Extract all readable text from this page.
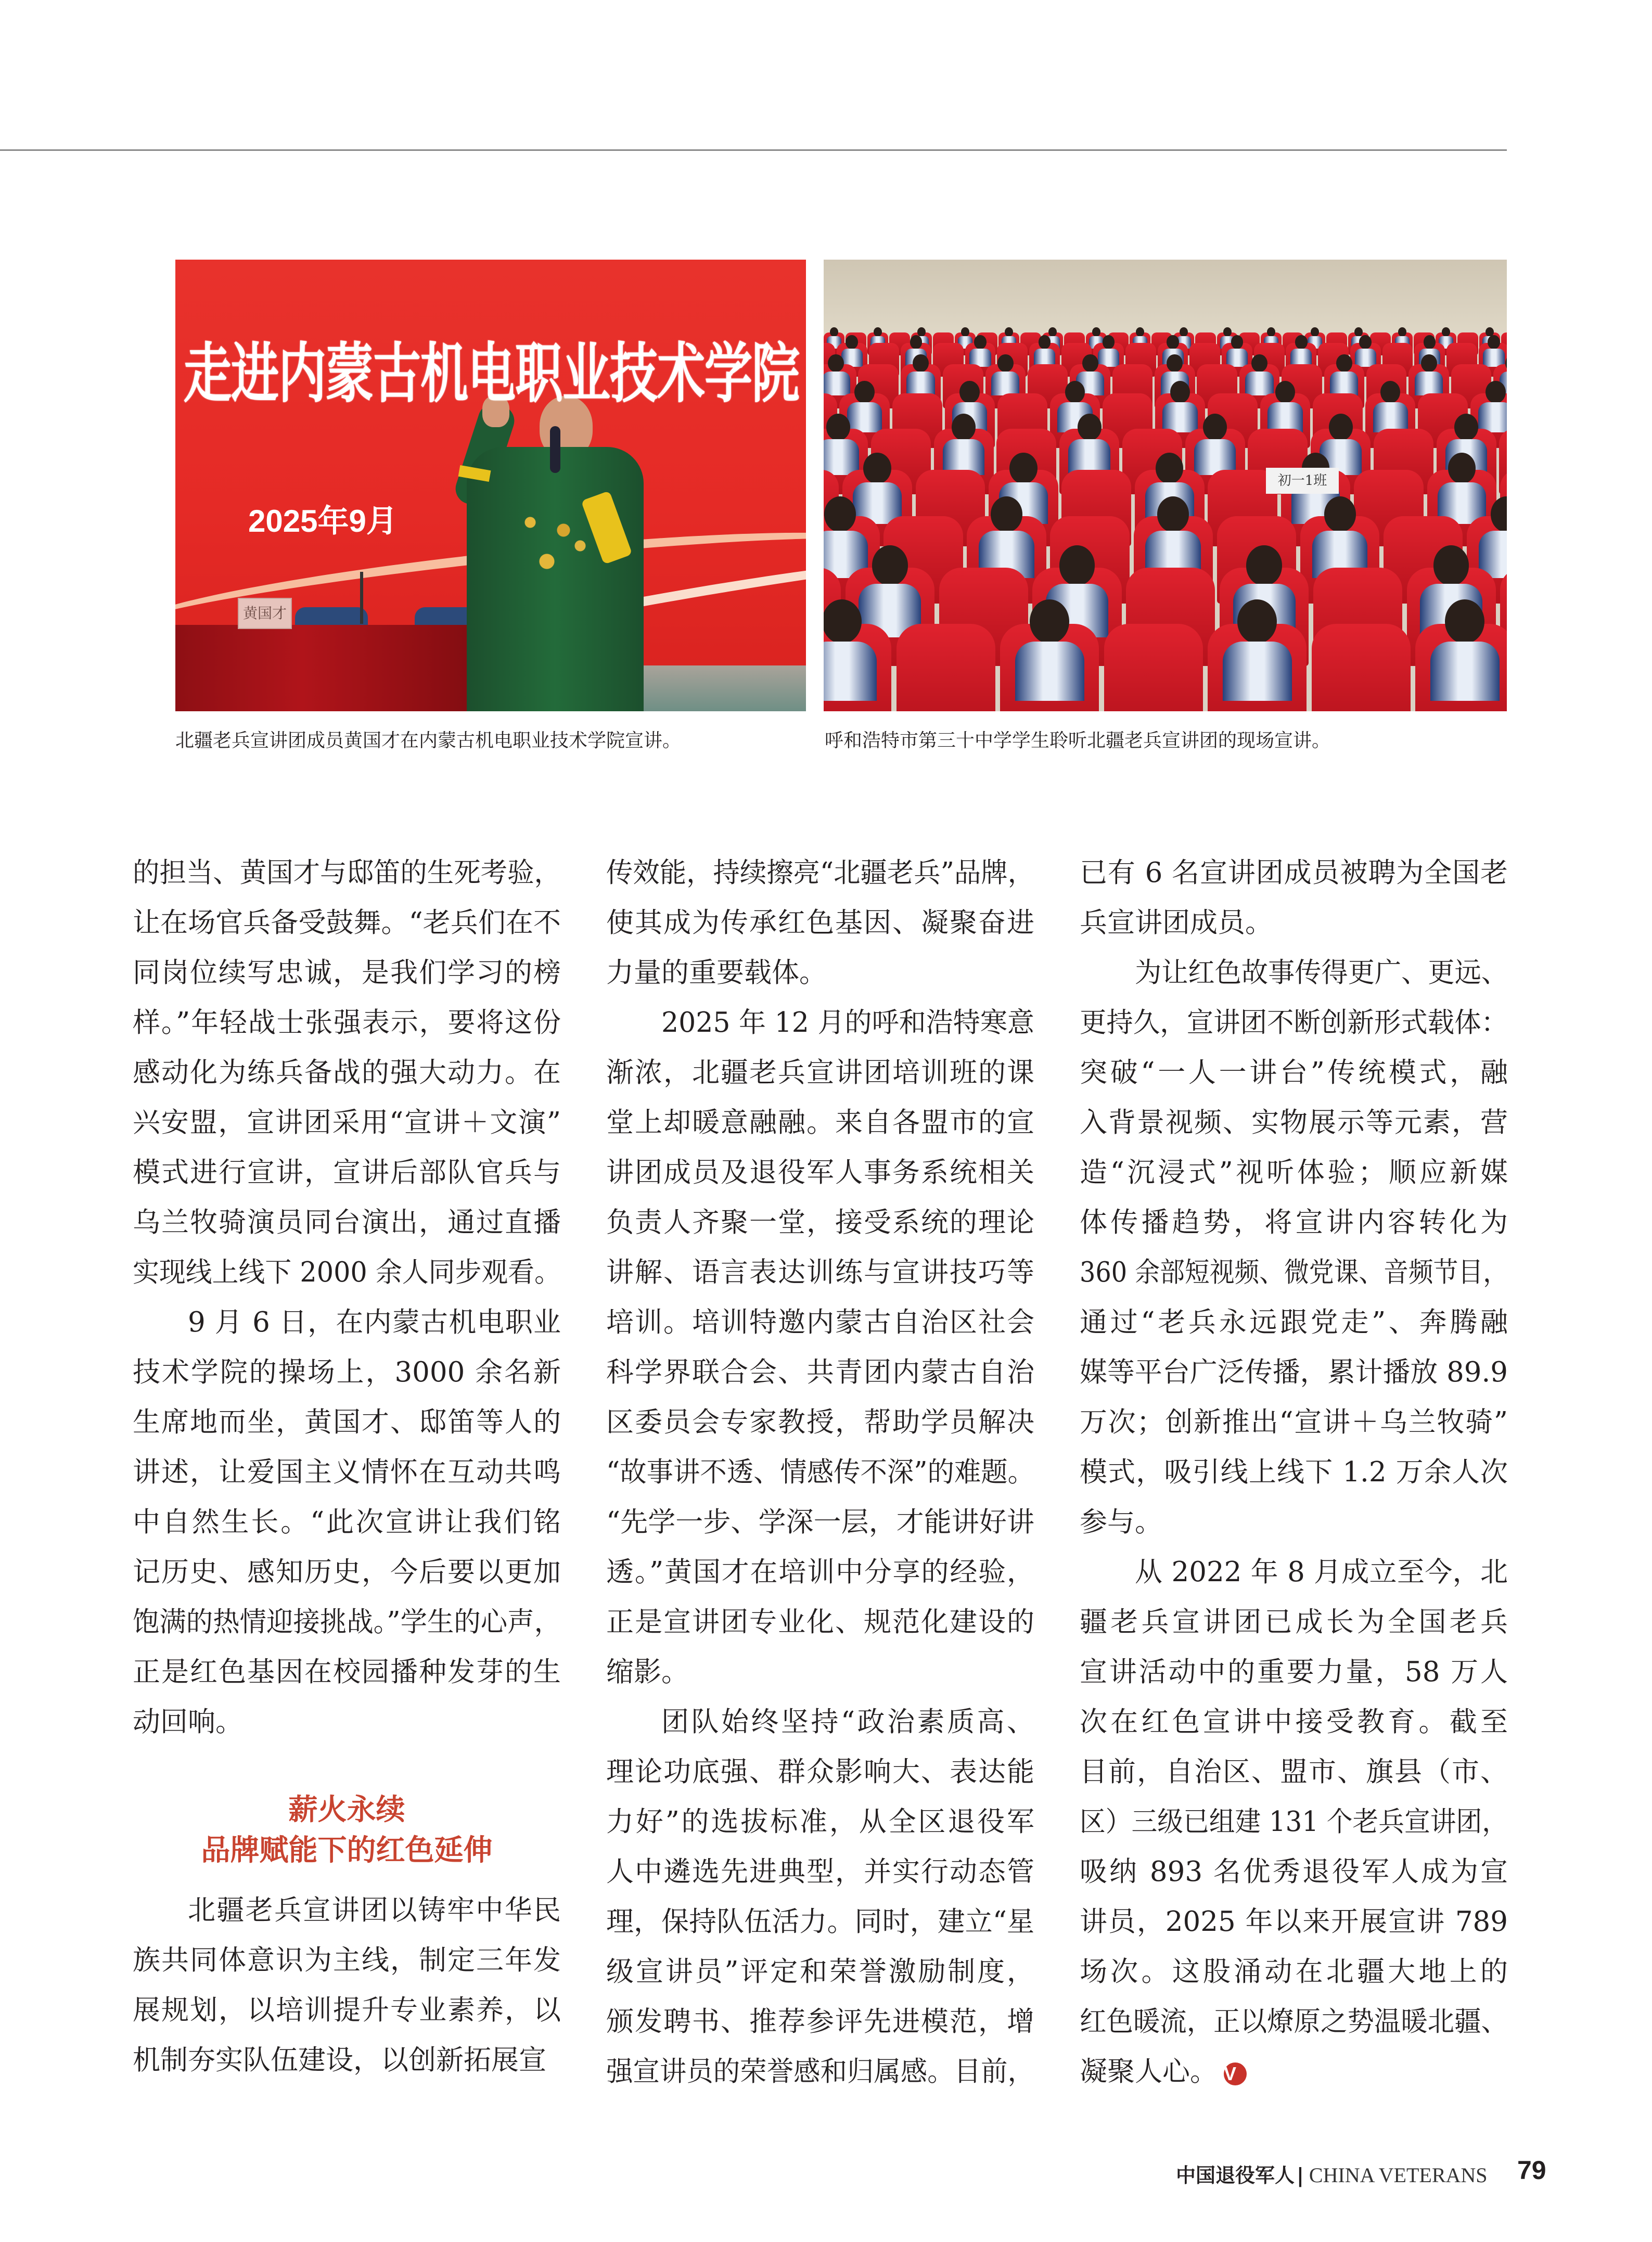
黄国才
走进内蒙古机电职业技术学院
2025年9月
初一1班
北疆老兵宣讲团成员黄国才在内蒙古机电职业技术学院宣讲。	呼和浩特市第三十中学学生聆听北疆老兵宣讲团的现场宣讲。
的担当、黄国才与邸笛的生死考验，
让在场官兵备受鼓舞。“老兵们在不
同岗位续写忠诚，是我们学习的榜
样。”年轻战士张强表示，要将这份
感动化为练兵备战的强大动力。在
兴安盟，宣讲团采用“宣讲＋文演”
模式进行宣讲，宣讲后部队官兵与
乌兰牧骑演员同台演出，通过直播
实现线上线下 2000 余人同步观看。
9 月 6 日，在内蒙古机电职业
技术学院的操场上，3000 余名新
生席地而坐，黄国才、邸笛等人的
讲述，让爱国主义情怀在互动共鸣
中自然生长。“此次宣讲让我们铭
记历史、感知历史，今后要以更加
饱满的热情迎接挑战。”学生的心声，
正是红色基因在校园播种发芽的生
动回响。
薪火永续
品牌赋能下的红色延伸
北疆老兵宣讲团以铸牢中华民
族共同体意识为主线，制定三年发
展规划，以培训提升专业素养，以
机制夯实队伍建设，以创新拓展宣
传效能，持续擦亮“北疆老兵”品牌，
使其成为传承红色基因、凝聚奋进
力量的重要载体。
2025 年 12 月的呼和浩特寒意
渐浓，北疆老兵宣讲团培训班的课
堂上却暖意融融。来自各盟市的宣
讲团成员及退役军人事务系统相关
负责人齐聚一堂，接受系统的理论
讲解、语言表达训练与宣讲技巧等
培训。培训特邀内蒙古自治区社会
科学界联合会、共青团内蒙古自治
区委员会专家教授，帮助学员解决
“故事讲不透、情感传不深”的难题。
“先学一步、学深一层，才能讲好讲
透。”黄国才在培训中分享的经验，
正是宣讲团专业化、规范化建设的
缩影。
团队始终坚持“政治素质高、
理论功底强、群众影响大、表达能
力好”的选拔标准，从全区退役军
人中遴选先进典型，并实行动态管
理，保持队伍活力。同时，建立“星
级宣讲员”评定和荣誉激励制度，
颁发聘书、推荐参评先进模范，增
强宣讲员的荣誉感和归属感。目前，
已有 6 名宣讲团成员被聘为全国老
兵宣讲团成员。
为让红色故事传得更广、更远、
更持久，宣讲团不断创新形式载体：
突破“一人一讲台”传统模式，融
入背景视频、实物展示等元素，营
造“沉浸式”视听体验；顺应新媒
体传播趋势，将宣讲内容转化为
360 余部短视频、微党课、音频节目，
通过“老兵永远跟党走”、奔腾融
媒等平台广泛传播，累计播放 89.9
万次；创新推出“宣讲＋乌兰牧骑”
模式，吸引线上线下 1.2 万余人次
参与。
从 2022 年 8 月成立至今，北
疆老兵宣讲团已成长为全国老兵
宣讲活动中的重要力量，58 万人
次在红色宣讲中接受教育。截至
目前，自治区、盟市、旗县（市、
区）三级已组建 131 个老兵宣讲团，
吸纳 893 名优秀退役军人成为宣
讲员，2025 年以来开展宣讲 789
场次。这股涌动在北疆大地上的
红色暖流，正以燎原之势温暖北疆、
凝聚人心。 V
中国退役军人 | CHINA VETERANS 79
